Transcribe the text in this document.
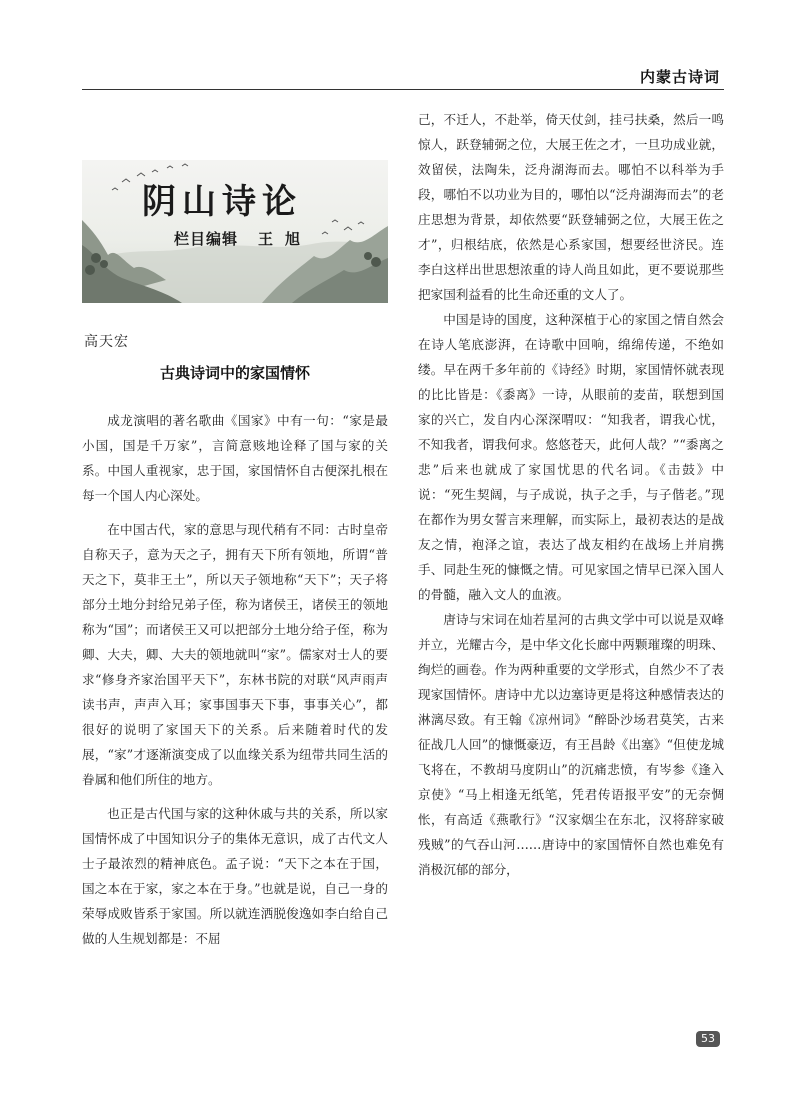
内蒙古诗词
阴山诗论
栏目编辑 王旭
高天宏
古典诗词中的家国情怀

成龙演唱的著名歌曲《国家》中有一句：“家是最小国，国是千万家”，言简意赅地诠释了国与家的关系。中国人重视家，忠于国，家国情怀自古便深扎根在每一个国人内心深处。

在中国古代，家的意思与现代稍有不同：古时皇帝自称天子，意为天之子，拥有天下所有领地，所谓“普天之下，莫非王土”，所以天子领地称“天下”；天子将部分土地分封给兄弟子侄，称为诸侯王，诸侯王的领地称为“国”；而诸侯王又可以把部分土地分给子侄，称为卿、大夫，卿、大夫的领地就叫“家”。儒家对士人的要求“修身齐家治国平天下”，东林书院的对联“风声雨声读书声，声声入耳；家事国事天下事，事事关心”，都很好的说明了家国天下的关系。后来随着时代的发展，“家”才逐渐演变成了以血缘关系为纽带共同生活的眷属和他们所住的地方。

也正是古代国与家的这种休戚与共的关系，所以家国情怀成了中国知识分子的集体无意识，成了古代文人士子最浓烈的精神底色。孟子说：“天下之本在于国，国之本在于家，家之本在于身。”也就是说，自己一身的荣辱成败皆系于家国。所以就连洒脱俊逸如李白给自己做的人生规划都是：不屈

己，不迁人，不赴举，倚天仗剑，挂弓扶桑，然后一鸣惊人，跃登辅弼之位，大展王佐之才，一旦功成业就，效留侯，法陶朱，泛舟湖海而去。哪怕不以科举为手段，哪怕不以功业为目的，哪怕以“泛舟湖海而去”的老庄思想为背景，却依然要“跃登辅弼之位，大展王佐之才”，归根结底，依然是心系家国，想要经世济民。连李白这样出世思想浓重的诗人尚且如此，更不要说那些把家国利益看的比生命还重的文人了。

中国是诗的国度，这种深植于心的家国之情自然会在诗人笔底澎湃，在诗歌中回响，绵绵传递，不绝如缕。早在两千多年前的《诗经》时期，家国情怀就表现的比比皆是：《黍离》一诗，从眼前的麦苗，联想到国家的兴亡，发自内心深深喟叹：“知我者，谓我心忧，不知我者，谓我何求。悠悠苍天，此何人哉？”“黍离之悲”后来也就成了家国忧思的代名词。《击鼓》中说：“死生契阔，与子成说，执子之手，与子偕老。”现在都作为男女誓言来理解，而实际上，最初表达的是战友之情，袍泽之谊，表达了战友相约在战场上并肩携手、同赴生死的慷慨之情。可见家国之情早已深入国人的骨髓，融入文人的血液。

唐诗与宋词在灿若星河的古典文学中可以说是双峰并立，光耀古今，是中华文化长廊中两颗璀璨的明珠、绚烂的画卷。作为两种重要的文学形式，自然少不了表现家国情怀。唐诗中尤以边塞诗更是将这种感情表达的淋漓尽致。有王翰《凉州词》“醉卧沙场君莫笑，古来征战几人回”的慷慨豪迈，有王昌龄《出塞》“但使龙城飞将在，不教胡马度阴山”的沉痛悲愤，有岑参《逢入京使》“马上相逢无纸笔，凭君传语报平安”的无奈惆怅，有高适《燕歌行》“汉家烟尘在东北，汉将辞家破残贼”的气吞山河……唐诗中的家国情怀自然也难免有消极沉郁的部分，

53
